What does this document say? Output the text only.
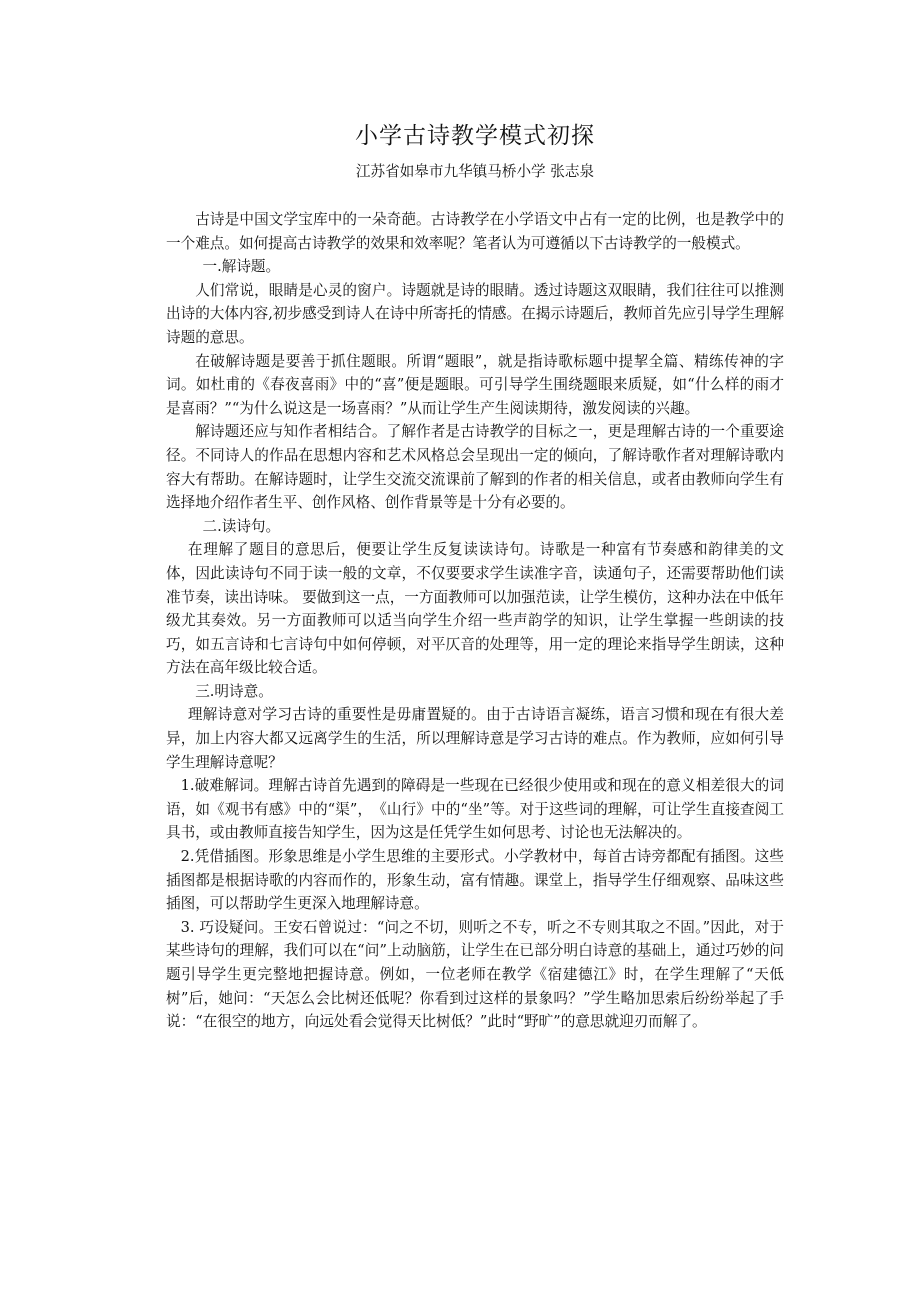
小学古诗教学模式初探
江苏省如皋市九华镇马桥小学 张志泉

古诗是中国文学宝库中的一朵奇葩。古诗教学在小学语文中占有一定的比例，也是教学中的一个难点。如何提高古诗教学的效果和效率呢？笔者认为可遵循以下古诗教学的一般模式。

一.解诗题。

人们常说，眼睛是心灵的窗户。诗题就是诗的眼睛。透过诗题这双眼睛，我们往往可以推测出诗的大体内容,初步感受到诗人在诗中所寄托的情感。在揭示诗题后，教师首先应引导学生理解诗题的意思。

在破解诗题是要善于抓住题眼。所谓“题眼”，就是指诗歌标题中提挈全篇、精练传神的字词。如杜甫的《春夜喜雨》中的“喜”便是题眼。可引导学生围绕题眼来质疑，如“什么样的雨才是喜雨？”“为什么说这是一场喜雨？”从而让学生产生阅读期待，激发阅读的兴趣。

解诗题还应与知作者相结合。了解作者是古诗教学的目标之一，更是理解古诗的一个重要途径。不同诗人的作品在思想内容和艺术风格总会呈现出一定的倾向，了解诗歌作者对理解诗歌内容大有帮助。在解诗题时，让学生交流交流课前了解到的作者的相关信息，或者由教师向学生有选择地介绍作者生平、创作风格、创作背景等是十分有必要的。

二.读诗句。

在理解了题目的意思后，便要让学生反复读读诗句。诗歌是一种富有节奏感和韵律美的文体，因此读诗句不同于读一般的文章，不仅要要求学生读准字音，读通句子，还需要帮助他们读准节奏，读出诗味。 要做到这一点，一方面教师可以加强范读，让学生模仿，这种办法在中低年级尤其奏效。另一方面教师可以适当向学生介绍一些声韵学的知识，让学生掌握一些朗读的技巧，如五言诗和七言诗句中如何停顿，对平仄音的处理等，用一定的理论来指导学生朗读，这种方法在高年级比较合适。

三.明诗意。

理解诗意对学习古诗的重要性是毋庸置疑的。由于古诗语言凝练，语言习惯和现在有很大差异，加上内容大都又远离学生的生活，所以理解诗意是学习古诗的难点。作为教师，应如何引导学生理解诗意呢？

1.破难解词。理解古诗首先遇到的障碍是一些现在已经很少使用或和现在的意义相差很大的词语，如《观书有感》中的“渠”，　《山行》中的“坐”等。对于这些词的理解，可让学生直接查阅工具书，或由教师直接告知学生，因为这是任凭学生如何思考、讨论也无法解决的。

2.凭借插图。形象思维是小学生思维的主要形式。小学教材中，每首古诗旁都配有插图。这些插图都是根据诗歌的内容而作的，形象生动，富有情趣。课堂上，指导学生仔细观察、品味这些插图，可以帮助学生更深入地理解诗意。

3. 巧设疑问。王安石曾说过：“问之不切，则听之不专，听之不专则其取之不固。”因此，对于某些诗句的理解，我们可以在“问”上动脑筋，让学生在已部分明白诗意的基础上，通过巧妙的问题引导学生更完整地把握诗意。例如，一位老师在教学《宿建德江》时，在学生理解了“天低树”后，她问：“天怎么会比树还低呢？你看到过这样的景象吗？”学生略加思索后纷纷举起了手说：“在很空的地方，向远处看会觉得天比树低？”此时“野旷”的意思就迎刃而解了。
